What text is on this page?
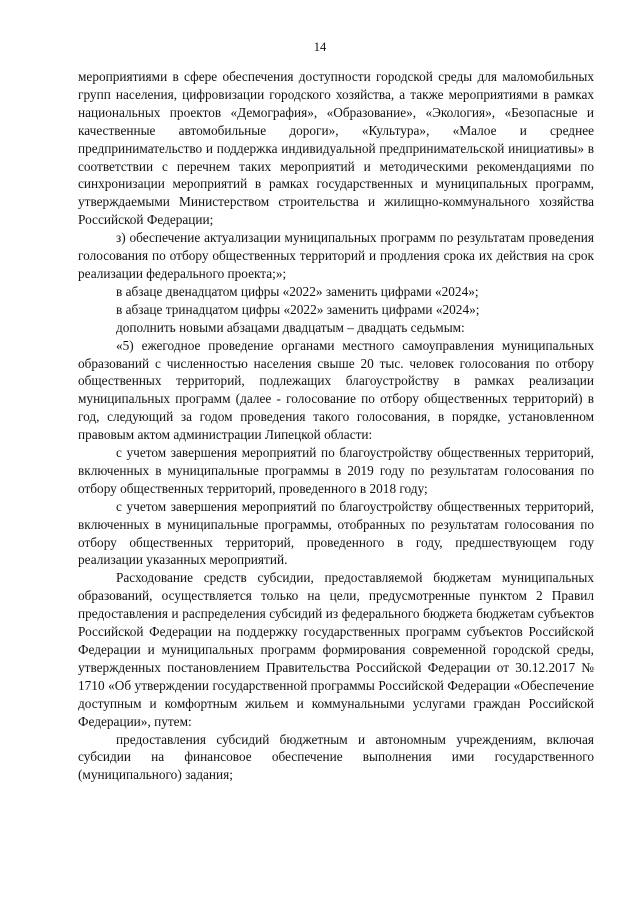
14

мероприятиями в сфере обеспечения доступности городской среды для маломобильных групп населения, цифровизации городского хозяйства, а также мероприятиями в рамках национальных проектов «Демография», «Образование», «Экология», «Безопасные и качественные автомобильные дороги», «Культура», «Малое и среднее предпринимательство и поддержка индивидуальной предпринимательской инициативы» в соответствии с перечнем таких мероприятий и методическими рекомендациями по синхронизации мероприятий в рамках государственных и муниципальных программ, утверждаемыми Министерством строительства и жилищно-коммунального хозяйства Российской Федерации;

з) обеспечение актуализации муниципальных программ по результатам проведения голосования по отбору общественных территорий и продления срока их действия на срок реализации федерального проекта;»;

в абзаце двенадцатом цифры «2022» заменить цифрами «2024»;

в абзаце тринадцатом цифры «2022» заменить цифрами «2024»;

дополнить новыми абзацами двадцатым – двадцать седьмым:

«5) ежегодное проведение органами местного самоуправления муниципальных образований с численностью населения свыше 20 тыс. человек голосования по отбору общественных территорий, подлежащих благоустройству в рамках реализации муниципальных программ (далее - голосование по отбору общественных территорий) в год, следующий за годом проведения такого голосования, в порядке, установленном правовым актом администрации Липецкой области:

с учетом завершения мероприятий по благоустройству общественных территорий, включенных в муниципальные программы в 2019 году по результатам голосования по отбору общественных территорий, проведенного в 2018 году;

с учетом завершения мероприятий по благоустройству общественных территорий, включенных в муниципальные программы, отобранных по результатам голосования по отбору общественных территорий, проведенного в году, предшествующем году реализации указанных мероприятий.

Расходование средств субсидии, предоставляемой бюджетам муниципальных образований, осуществляется только на цели, предусмотренные пунктом 2 Правил предоставления и распределения субсидий из федерального бюджета бюджетам субъектов Российской Федерации на поддержку государственных программ субъектов Российской Федерации и муниципальных программ формирования современной городской среды, утвержденных постановлением Правительства Российской Федерации от 30.12.2017 № 1710 «Об утверждении государственной программы Российской Федерации «Обеспечение доступным и комфортным жильем и коммунальными услугами граждан Российской Федерации», путем:

предоставления субсидий бюджетным и автономным учреждениям, включая субсидии на финансовое обеспечение выполнения ими государственного (муниципального) задания;
